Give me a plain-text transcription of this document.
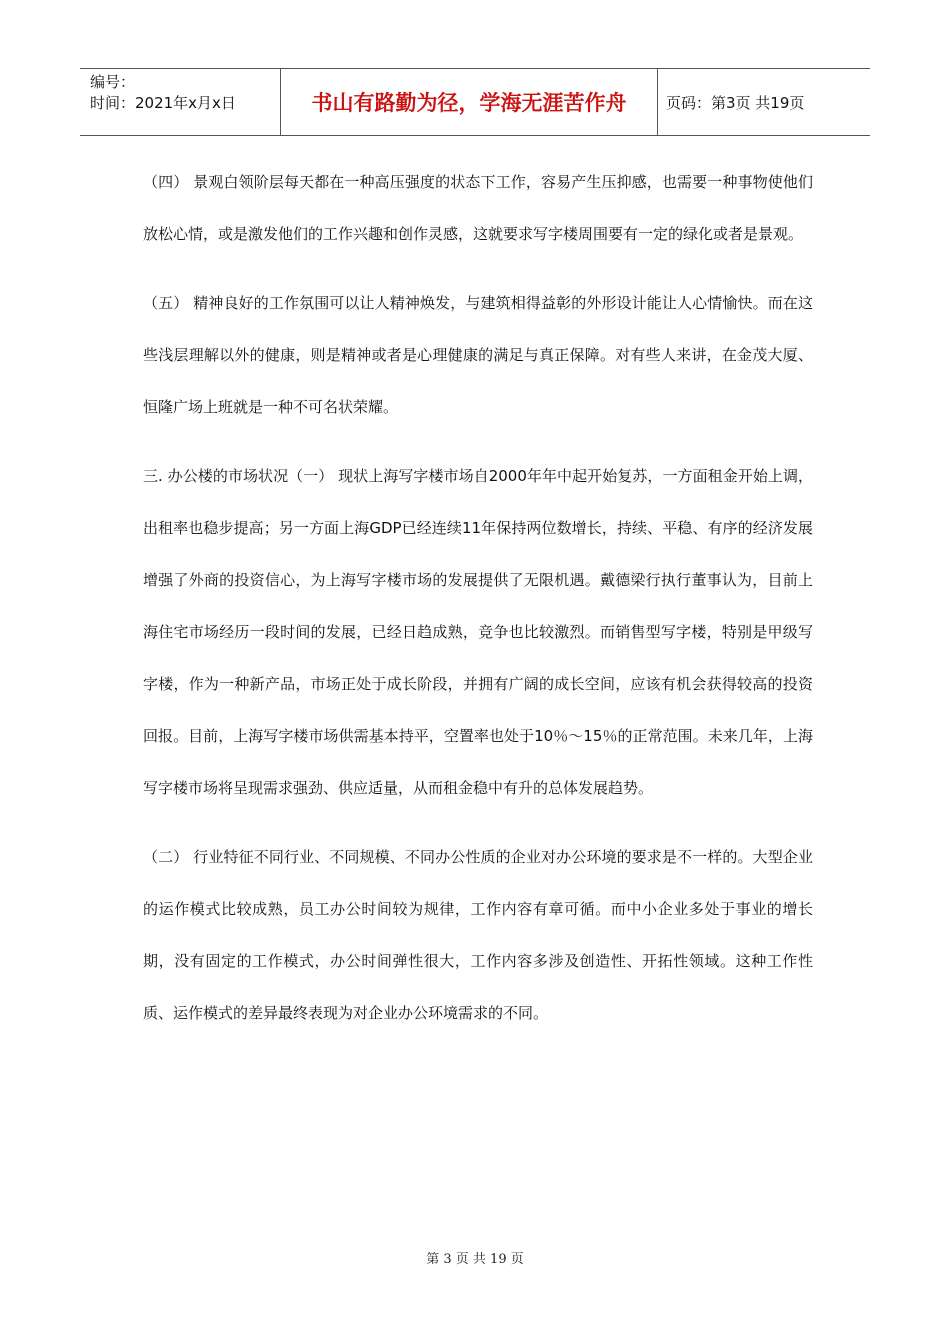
编号：
时间：2021年x月x日	书山有路勤为径，学海无涯苦作舟	页码：第3页 共19页

（四） 景观白领阶层每天都在一种高压强度的状态下工作，容易产生压抑感，也需要一种事物使他们放松心情，或是激发他们的工作兴趣和创作灵感，这就要求写字楼周围要有一定的绿化或者是景观。

（五） 精神良好的工作氛围可以让人精神焕发，与建筑相得益彰的外形设计能让人心情愉快。而在这些浅层理解以外的健康，则是精神或者是心理健康的满足与真正保障。对有些人来讲，在金茂大厦、恒隆广场上班就是一种不可名状荣耀。

三. 办公楼的市场状况（一） 现状上海写字楼市场自2000年年中起开始复苏，一方面租金开始上调，出租率也稳步提高；另一方面上海GDP已经连续11年保持两位数增长，持续、平稳、有序的经济发展增强了外商的投资信心，为上海写字楼市场的发展提供了无限机遇。戴德梁行执行董事认为，目前上海住宅市场经历一段时间的发展，已经日趋成熟，竞争也比较激烈。而销售型写字楼，特别是甲级写字楼，作为一种新产品，市场正处于成长阶段，并拥有广阔的成长空间，应该有机会获得较高的投资回报。目前，上海写字楼市场供需基本持平，空置率也处于10％～15％的正常范围。未来几年，上海写字楼市场将呈现需求强劲、供应适量，从而租金稳中有升的总体发展趋势。

（二） 行业特征不同行业、不同规模、不同办公性质的企业对办公环境的要求是不一样的。大型企业的运作模式比较成熟，员工办公时间较为规律，工作内容有章可循。而中小企业多处于事业的增长期，没有固定的工作模式，办公时间弹性很大，工作内容多涉及创造性、开拓性领域。这种工作性质、运作模式的差异最终表现为对企业办公环境需求的不同。

第 3 页 共 19 页
